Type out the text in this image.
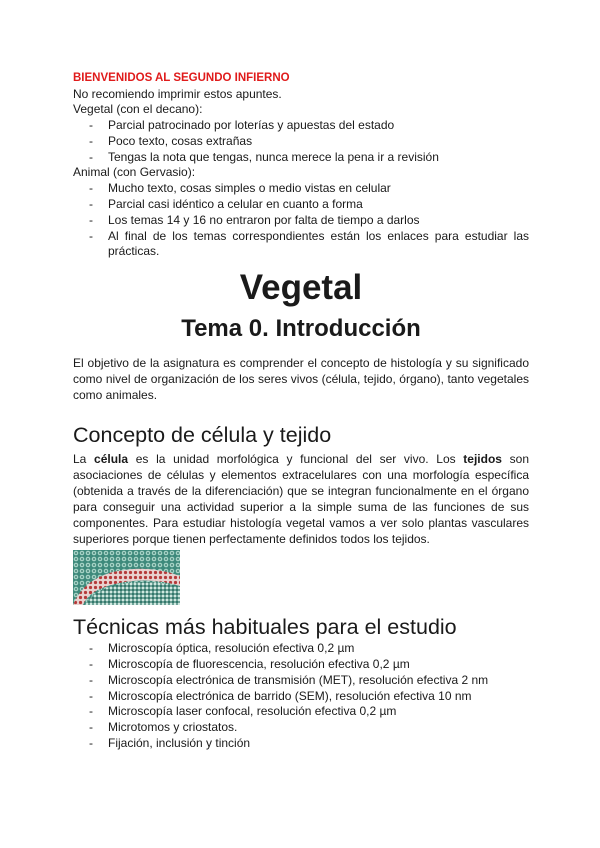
BIENVENIDOS AL SEGUNDO INFIERNO
No recomiendo imprimir estos apuntes.
Vegetal (con el decano):
- Parcial patrocinado por loterías y apuestas del estado
- Poco texto, cosas extrañas
- Tengas la nota que tengas, nunca merece la pena ir a revisión
Animal (con Gervasio):
- Mucho texto, cosas simples o medio vistas en celular
- Parcial casi idéntico a celular en cuanto a forma
- Los temas 14 y 16 no entraron por falta de tiempo a darlos
- Al final de los temas correspondientes están los enlaces para estudiar las prácticas.
Vegetal
Tema 0. Introducción
El objetivo de la asignatura es comprender el concepto de histología y su significado como nivel de organización de los seres vivos (célula, tejido, órgano), tanto vegetales como animales.
Concepto de célula y tejido
La célula es la unidad morfológica y funcional del ser vivo. Los tejidos son asociaciones de células y elementos extracelulares con una morfología específica (obtenida a través de la diferenciación) que se integran funcionalmente en el órgano para conseguir una actividad superior a la simple suma de las funciones de sus componentes. Para estudiar histología vegetal vamos a ver solo plantas vasculares superiores porque tienen perfectamente definidos todos los tejidos.
Técnicas más habituales para el estudio
- Microscopía óptica, resolución efectiva 0,2 µm
- Microscopía de fluorescencia, resolución efectiva 0,2 µm
- Microscopía electrónica de transmisión (MET), resolución efectiva 2 nm
- Microscopía electrónica de barrido (SEM), resolución efectiva 10 nm
- Microscopía laser confocal, resolución efectiva 0,2 µm
- Microtomos y criostatos.
- Fijación, inclusión y tinción
